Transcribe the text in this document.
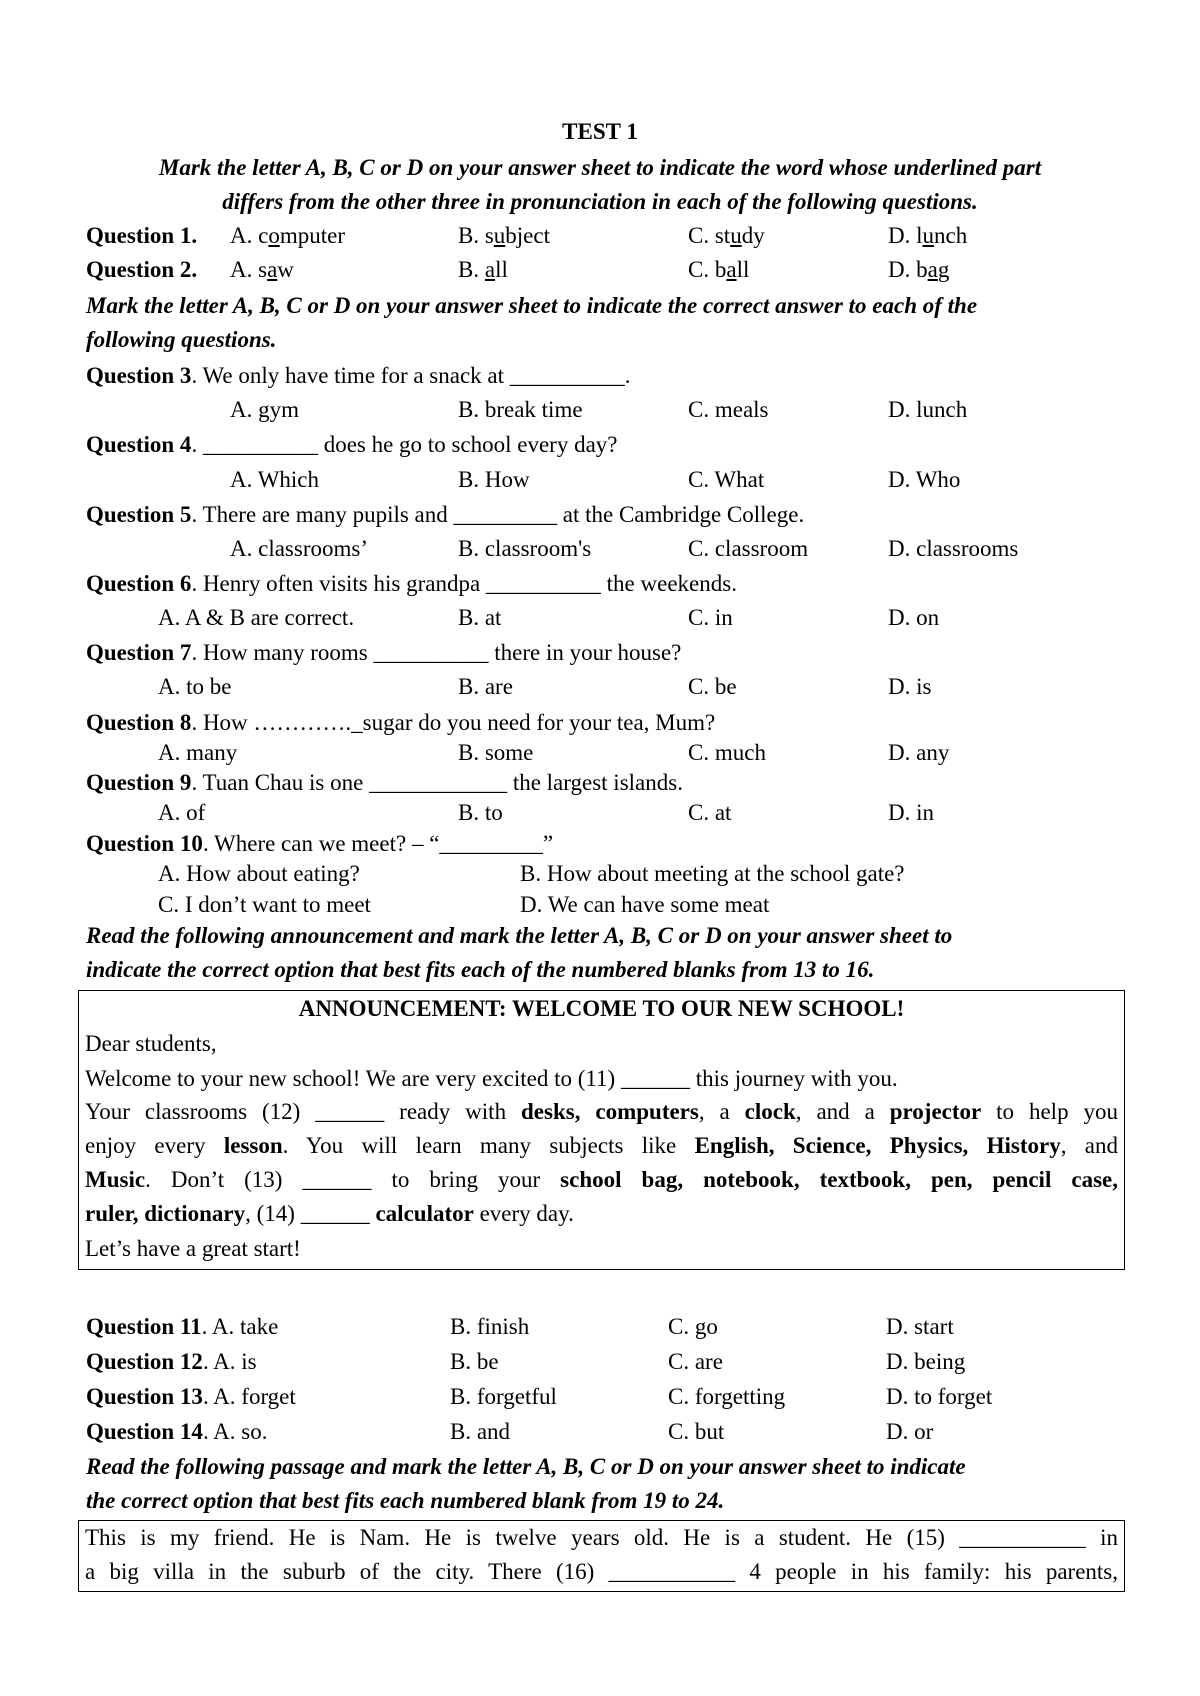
TEST 1
Mark the letter A, B, C or D on your answer sheet to indicate the word whose underlined part
differs from the other three in pronunciation in each of the following questions.
Question 1. A. computer	B. subject	C. study	D. lunch
Question 2. A. saw	B. all	C. ball	D. bag
Mark the letter A, B, C or D on your answer sheet to indicate the correct answer to each of the
following questions.
Question 3. We only have time for a snack at __________.
A. gym	B. break time	C. meals	D. lunch
Question 4. __________ does he go to school every day?
A. Which	B. How	C. What	D. Who
Question 5. There are many pupils and _________ at the Cambridge College.
A. classrooms’	B. classroom's	C. classroom	D. classrooms
Question 6. Henry often visits his grandpa __________ the weekends.
A. A & B are correct.	B. at	C. in	D. on
Question 7. How many rooms __________ there in your house?
A. to be	B. are	C. be	D. is
Question 8. How …………._sugar do you need for your tea, Mum?
A. many	B. some	C. much	D. any
Question 9. Tuan Chau is one ____________ the largest islands.
A. of	B. to	C. at	D. in
Question 10. Where can we meet? – “_________”
A. How about eating?	B. How about meeting at the school gate?
C. I don’t want to meet	D. We can have some meat
Read the following announcement and mark the letter A, B, C or D on your answer sheet to
indicate the correct option that best fits each of the numbered blanks from 13 to 16.
ANNOUNCEMENT: WELCOME TO OUR NEW SCHOOL!
Dear students,
Welcome to your new school! We are very excited to (11) ______ this journey with you.
Your classrooms (12) ______ ready with desks, computers, a clock, and a projector to help you
enjoy every lesson. You will learn many subjects like English, Science, Physics, History, and
Music. Don’t (13) ______ to bring your school bag, notebook, textbook, pen, pencil case,
ruler, dictionary, (14) ______ calculator every day.
Let’s have a great start!
Question 11. A. take	B. finish	C. go	D. start
Question 12. A. is	B. be	C. are	D. being
Question 13. A. forget	B. forgetful	C. forgetting	D. to forget
Question 14. A. so.	B. and	C. but	D. or
Read the following passage and mark the letter A, B, C or D on your answer sheet to indicate
the correct option that best fits each numbered blank from 19 to 24.
This is my friend. He is Nam. He is twelve years old. He is a student. He (15) ___________ in
a big villa in the suburb of the city. There (16) ___________ 4 people in his family: his parents,
